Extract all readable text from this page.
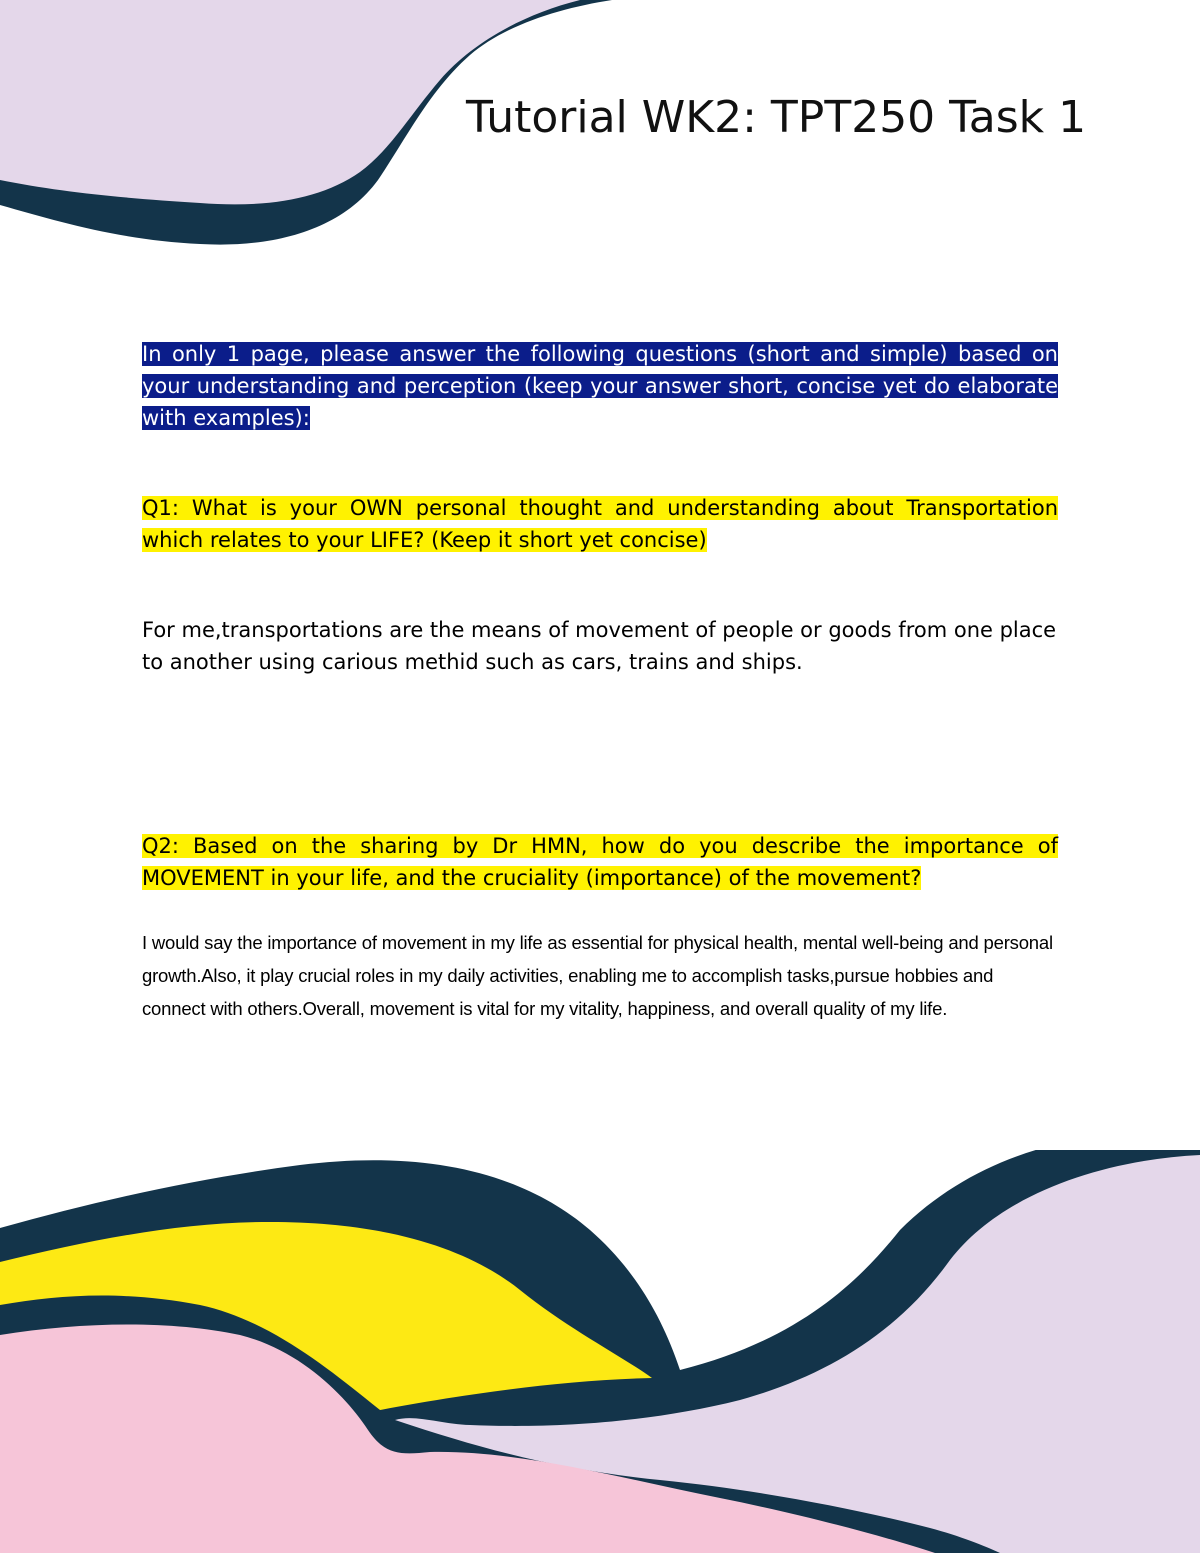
Tutorial WK2: TPT250 Task 1

In only 1 page, please answer the following questions (short and simple) based on your understanding and perception (keep your answer short, concise yet do elaborate with examples):

Q1: What is your OWN personal thought and understanding about Transportation which relates to your LIFE? (Keep it short yet concise)

For me,transportations are the means of movement of people or goods from one place to another using carious methid such as cars, trains and ships.

Q2: Based on the sharing by Dr HMN, how do you describe the importance of MOVEMENT in your life, and the cruciality (importance) of the movement?

I would say the importance of movement in my life as essential for physical health, mental well-being and personal growth.Also, it play crucial roles in my daily activities, enabling me to accomplish tasks,pursue hobbies and connect with others.Overall, movement is vital for my vitality, happiness, and overall quality of my life.
